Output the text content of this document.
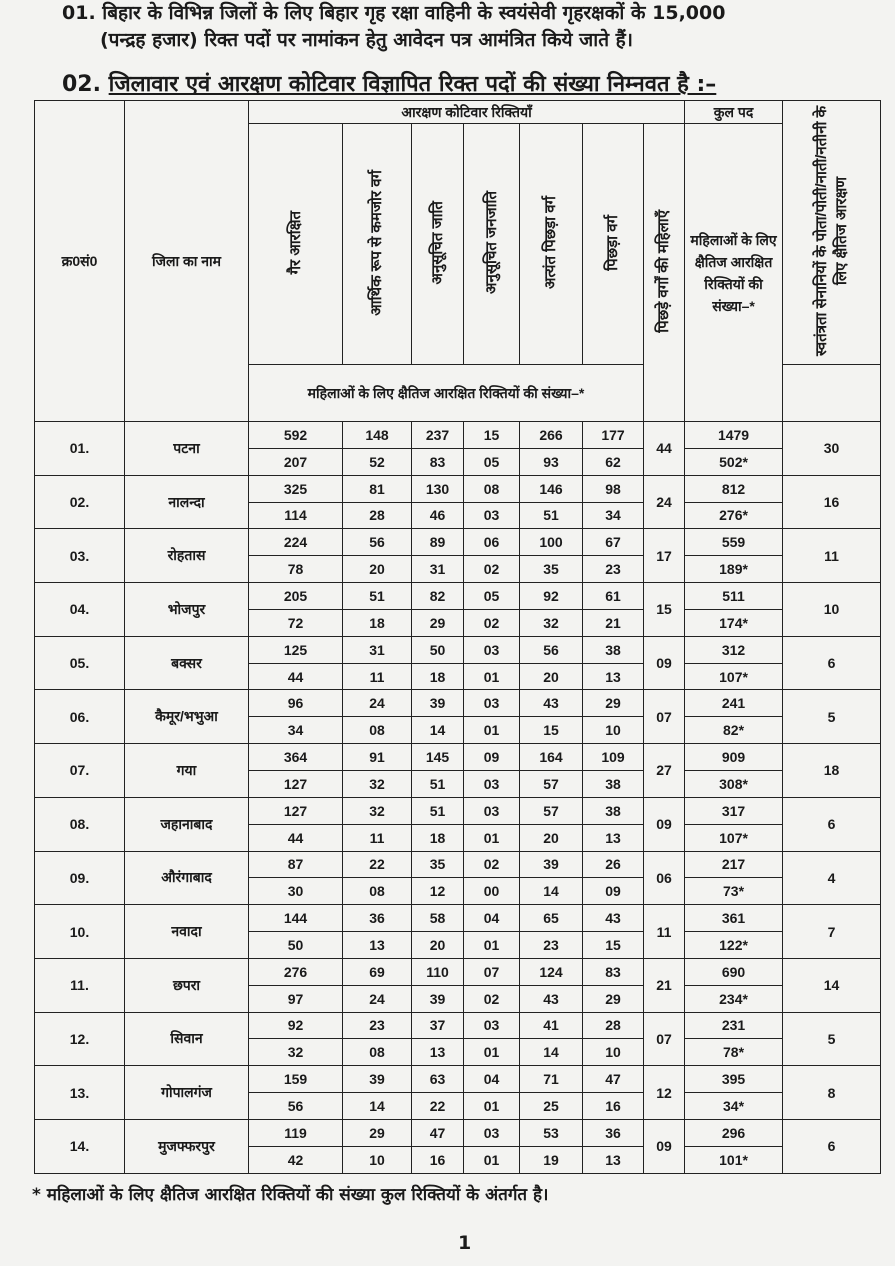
01. बिहार के विभिन्न जिलों के लिए बिहार गृह रक्षा वाहिनी के स्वयंसेवी गृहरक्षकों के 15,000
(पन्द्रह हजार) रिक्त पदों पर नामांकन हेतु आवेदन पत्र आमंत्रित किये जाते हैं।
02. जिलावार एवं आरक्षण कोटिवार विज्ञापित रिक्त पदों की संख्या निम्नवत है :–
क्र0सं0	जिला का नाम	आरक्षण कोटिवार रिक्तियाँ							कुल पद	स्वतंत्रता सेनानियों के पोता/पोती/नाती/नतीनी के लिए क्षैतिज आरक्षण
		गैर आरक्षित	आर्थिक रूप से कमजोर वर्ग	अनुसूचित जाति	अनुसूचित जनजाति	अत्यंत पिछड़ा वर्ग	पिछड़ा वर्ग	पिछड़े वर्गों की महिलाएँ	महिलाओं के लिए क्षैतिज आरक्षित रिक्तियों की संख्या–*	
		महिलाओं के लिए क्षैतिज आरक्षित रिक्तियों की संख्या–*								
01.	पटना	592	148	237	15	266	177	44	1479	30
		207	52	83	05	93	62		502*	
02.	नालन्दा	325	81	130	08	146	98	24	812	16
		114	28	46	03	51	34		276*	
03.	रोहतास	224	56	89	06	100	67	17	559	11
		78	20	31	02	35	23		189*	
04.	भोजपुर	205	51	82	05	92	61	15	511	10
		72	18	29	02	32	21		174*	
05.	बक्सर	125	31	50	03	56	38	09	312	6
		44	11	18	01	20	13		107*	
06.	कैमूर/भभुआ	96	24	39	03	43	29	07	241	5
		34	08	14	01	15	10		82*	
07.	गया	364	91	145	09	164	109	27	909	18
		127	32	51	03	57	38		308*	
08.	जहानाबाद	127	32	51	03	57	38	09	317	6
		44	11	18	01	20	13		107*	
09.	औरंगाबाद	87	22	35	02	39	26	06	217	4
		30	08	12	00	14	09		73*	
10.	नवादा	144	36	58	04	65	43	11	361	7
		50	13	20	01	23	15		122*	
11.	छपरा	276	69	110	07	124	83	21	690	14
		97	24	39	02	43	29		234*	
12.	सिवान	92	23	37	03	41	28	07	231	5
		32	08	13	01	14	10		78*	
13.	गोपालगंज	159	39	63	04	71	47	12	395	8
		56	14	22	01	25	16		34*	
14.	मुजफ्फरपुर	119	29	47	03	53	36	09	296	6
		42	10	16	01	19	13		101*	
* महिलाओं के लिए क्षैतिज आरक्षित रिक्तियों की संख्या कुल रिक्तियों के अंतर्गत है।
1
